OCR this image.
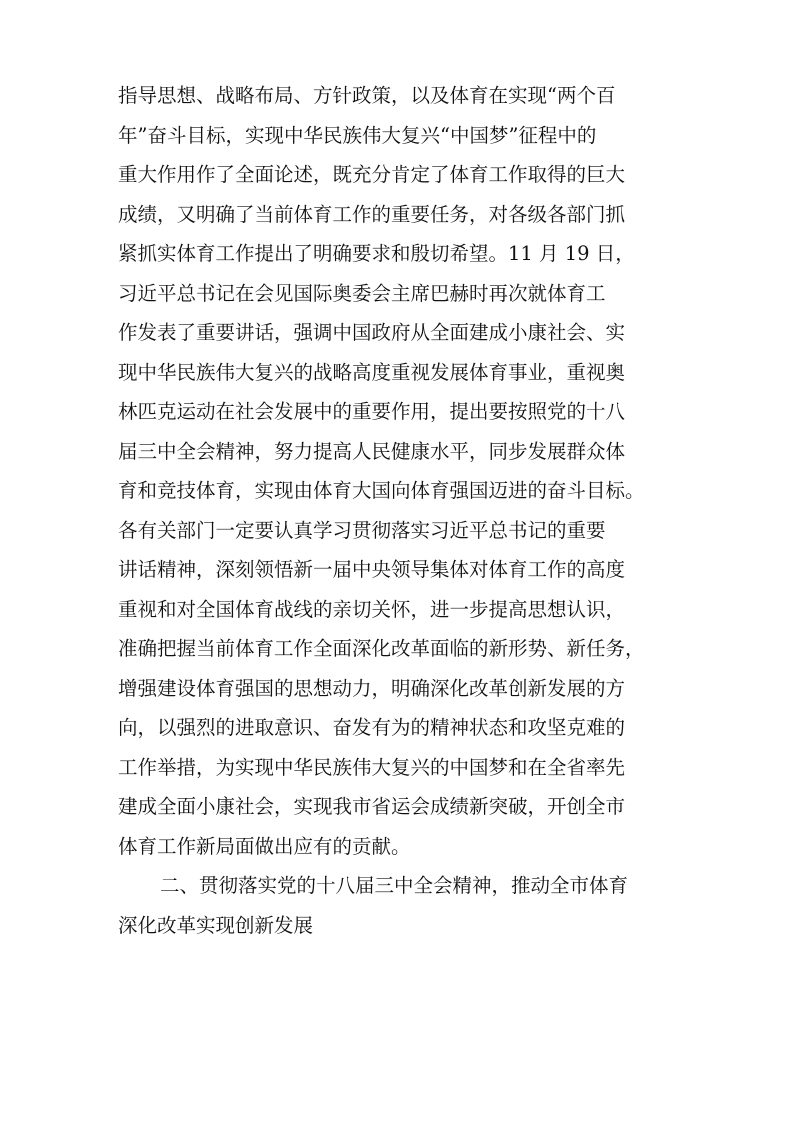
指导思想、战略布局、方针政策，以及体育在实现“两个百
年”奋斗目标，实现中华民族伟大复兴“中国梦”征程中的
重大作用作了全面论述，既充分肯定了体育工作取得的巨大
成绩，又明确了当前体育工作的重要任务，对各级各部门抓
紧抓实体育工作提出了明确要求和殷切希望。11 月 19 日，
习近平总书记在会见国际奥委会主席巴赫时再次就体育工
作发表了重要讲话，强调中国政府从全面建成小康社会、实
现中华民族伟大复兴的战略高度重视发展体育事业，重视奥
林匹克运动在社会发展中的重要作用，提出要按照党的十八
届三中全会精神，努力提高人民健康水平，同步发展群众体
育和竞技体育，实现由体育大国向体育强国迈进的奋斗目标。
各有关部门一定要认真学习贯彻落实习近平总书记的重要
讲话精神，深刻领悟新一届中央领导集体对体育工作的高度
重视和对全国体育战线的亲切关怀，进一步提高思想认识，
准确把握当前体育工作全面深化改革面临的新形势、新任务，
增强建设体育强国的思想动力，明确深化改革创新发展的方
向，以强烈的进取意识、奋发有为的精神状态和攻坚克难的
工作举措，为实现中华民族伟大复兴的中国梦和在全省率先
建成全面小康社会，实现我市省运会成绩新突破，开创全市
体育工作新局面做出应有的贡献。
二、贯彻落实党的十八届三中全会精神，推动全市体育
深化改革实现创新发展
